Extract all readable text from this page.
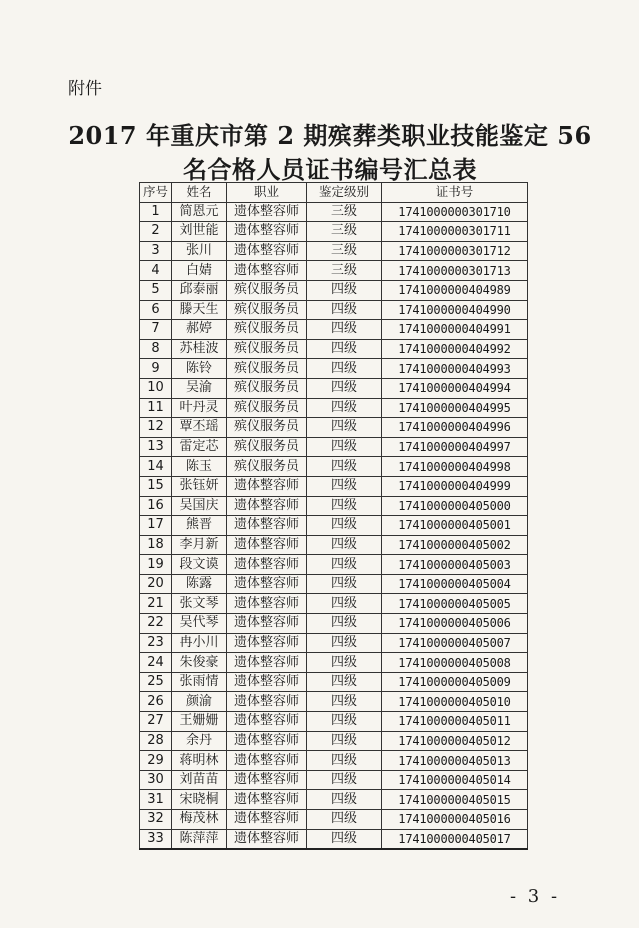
附件
2017 年重庆市第 2 期殡葬类职业技能鉴定 56
名合格人员证书编号汇总表
序号	姓名	职业	鉴定级别	证书号
1	简恩元	遗体整容师	三级	1741000000301710
2	刘世能	遗体整容师	三级	1741000000301711
3	张川	遗体整容师	三级	1741000000301712
4	白婧	遗体整容师	三级	1741000000301713
5	邱泰丽	殡仪服务员	四级	1741000000404989
6	滕天生	殡仪服务员	四级	1741000000404990
7	郝婷	殡仪服务员	四级	1741000000404991
8	苏桂波	殡仪服务员	四级	1741000000404992
9	陈铃	殡仪服务员	四级	1741000000404993
10	吴渝	殡仪服务员	四级	1741000000404994
11	叶丹灵	殡仪服务员	四级	1741000000404995
12	覃丕瑶	殡仪服务员	四级	1741000000404996
13	雷定芯	殡仪服务员	四级	1741000000404997
14	陈玉	殡仪服务员	四级	1741000000404998
15	张钰妍	遗体整容师	四级	1741000000404999
16	吴国庆	遗体整容师	四级	1741000000405000
17	熊晋	遗体整容师	四级	1741000000405001
18	李月新	遗体整容师	四级	1741000000405002
19	段文谟	遗体整容师	四级	1741000000405003
20	陈露	遗体整容师	四级	1741000000405004
21	张文琴	遗体整容师	四级	1741000000405005
22	吴代琴	遗体整容师	四级	1741000000405006
23	冉小川	遗体整容师	四级	1741000000405007
24	朱俊豪	遗体整容师	四级	1741000000405008
25	张雨情	遗体整容师	四级	1741000000405009
26	颜渝	遗体整容师	四级	1741000000405010
27	王姗姗	遗体整容师	四级	1741000000405011
28	余丹	遗体整容师	四级	1741000000405012
29	蒋明林	遗体整容师	四级	1741000000405013
30	刘苗苗	遗体整容师	四级	1741000000405014
31	宋晓桐	遗体整容师	四级	1741000000405015
32	梅茂林	遗体整容师	四级	1741000000405016
33	陈萍萍	遗体整容师	四级	1741000000405017
- 3 -
